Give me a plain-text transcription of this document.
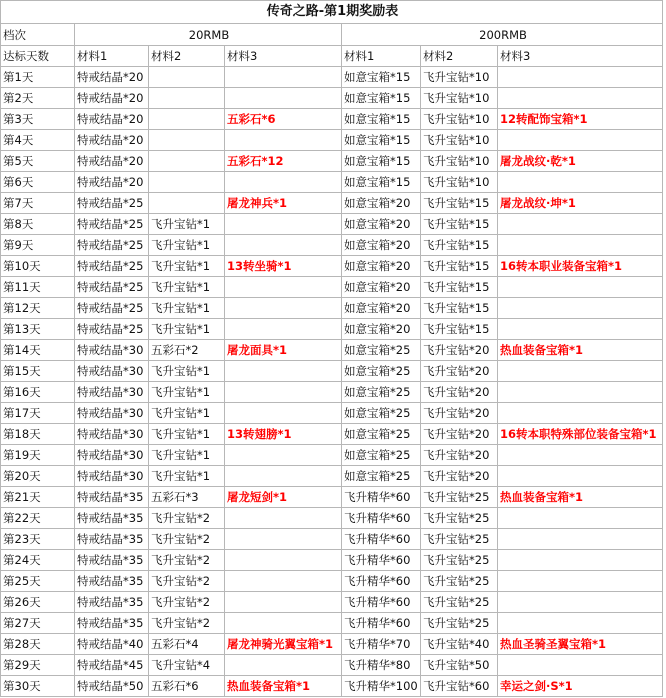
传奇之路-第1期奖励表						
档次	20RMB			200RMB		
达标天数	材料1	材料2	材料3	材料1	材料2	材料3
第1天	特戒结晶*20			如意宝箱*15	飞升宝钻*10	
第2天	特戒结晶*20			如意宝箱*15	飞升宝钻*10	
第3天	特戒结晶*20		五彩石*6	如意宝箱*15	飞升宝钻*10	12转配饰宝箱*1
第4天	特戒结晶*20			如意宝箱*15	飞升宝钻*10	
第5天	特戒结晶*20		五彩石*12	如意宝箱*15	飞升宝钻*10	屠龙战纹·乾*1
第6天	特戒结晶*20			如意宝箱*15	飞升宝钻*10	
第7天	特戒结晶*25		屠龙神兵*1	如意宝箱*20	飞升宝钻*15	屠龙战纹·坤*1
第8天	特戒结晶*25	飞升宝钻*1		如意宝箱*20	飞升宝钻*15	
第9天	特戒结晶*25	飞升宝钻*1		如意宝箱*20	飞升宝钻*15	
第10天	特戒结晶*25	飞升宝钻*1	13转坐骑*1	如意宝箱*20	飞升宝钻*15	16转本职业装备宝箱*1
第11天	特戒结晶*25	飞升宝钻*1		如意宝箱*20	飞升宝钻*15	
第12天	特戒结晶*25	飞升宝钻*1		如意宝箱*20	飞升宝钻*15	
第13天	特戒结晶*25	飞升宝钻*1		如意宝箱*20	飞升宝钻*15	
第14天	特戒结晶*30	五彩石*2	屠龙面具*1	如意宝箱*25	飞升宝钻*20	热血装备宝箱*1
第15天	特戒结晶*30	飞升宝钻*1		如意宝箱*25	飞升宝钻*20	
第16天	特戒结晶*30	飞升宝钻*1		如意宝箱*25	飞升宝钻*20	
第17天	特戒结晶*30	飞升宝钻*1		如意宝箱*25	飞升宝钻*20	
第18天	特戒结晶*30	飞升宝钻*1	13转翅膀*1	如意宝箱*25	飞升宝钻*20	16转本职特殊部位装备宝箱*1
第19天	特戒结晶*30	飞升宝钻*1		如意宝箱*25	飞升宝钻*20	
第20天	特戒结晶*30	飞升宝钻*1		如意宝箱*25	飞升宝钻*20	
第21天	特戒结晶*35	五彩石*3	屠龙短剑*1	飞升精华*60	飞升宝钻*25	热血装备宝箱*1
第22天	特戒结晶*35	飞升宝钻*2		飞升精华*60	飞升宝钻*25	
第23天	特戒结晶*35	飞升宝钻*2		飞升精华*60	飞升宝钻*25	
第24天	特戒结晶*35	飞升宝钻*2		飞升精华*60	飞升宝钻*25	
第25天	特戒结晶*35	飞升宝钻*2		飞升精华*60	飞升宝钻*25	
第26天	特戒结晶*35	飞升宝钻*2		飞升精华*60	飞升宝钻*25	
第27天	特戒结晶*35	飞升宝钻*2		飞升精华*60	飞升宝钻*25	
第28天	特戒结晶*40	五彩石*4	屠龙神骑光翼宝箱*1	飞升精华*70	飞升宝钻*40	热血圣骑圣翼宝箱*1
第29天	特戒结晶*45	飞升宝钻*4		飞升精华*80	飞升宝钻*50	
第30天	特戒结晶*50	五彩石*6	热血装备宝箱*1	飞升精华*100	飞升宝钻*60	幸运之剑·S*1
